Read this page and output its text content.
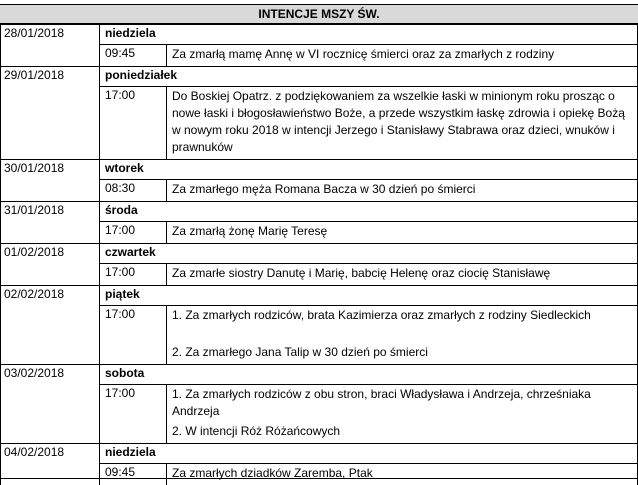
INTENCJE MSZY ŚW.
28/01/2018	niedziela
09:45	Za zmarłą mamę Annę w VI rocznicę śmierci oraz za zmarłych z rodziny
29/01/2018	poniedziałek
17:00	Do Boskiej Opatrz. z podziękowaniem za wszelkie łaski w minionym roku prosząc o nowe łaski i błogosławieństwo Boże, a przede wszystkim łaskę zdrowia i opiekę Bożą w nowym roku 2018 w intencji Jerzego i Stanisławy Stabrawa oraz dzieci, wnuków i prawnuków
30/01/2018	wtorek
08:30	Za zmarłego męża Romana Bacza w 30 dzień po śmierci
31/01/2018	środa
17:00	Za zmarłą żonę Marię Teresę
01/02/2018	czwartek
17:00	Za zmarłe siostry Danutę i Marię, babcię Helenę oraz ciocię Stanisławę
02/02/2018	piątek
17:00	1. Za zmarłych rodziców, brata Kazimierza oraz zmarłych z rodziny Siedleckich
2. Za zmarłego Jana Talip w 30 dzień po śmierci
03/02/2018	sobota
17:00	1. Za zmarłych rodziców z obu stron, braci Władysława i Andrzeja, chrześniaka Andrzeja
2. W intencji Róż Różańcowych
04/02/2018	niedziela
09:45	Za zmarłych dziadków Zaremba, Ptak
